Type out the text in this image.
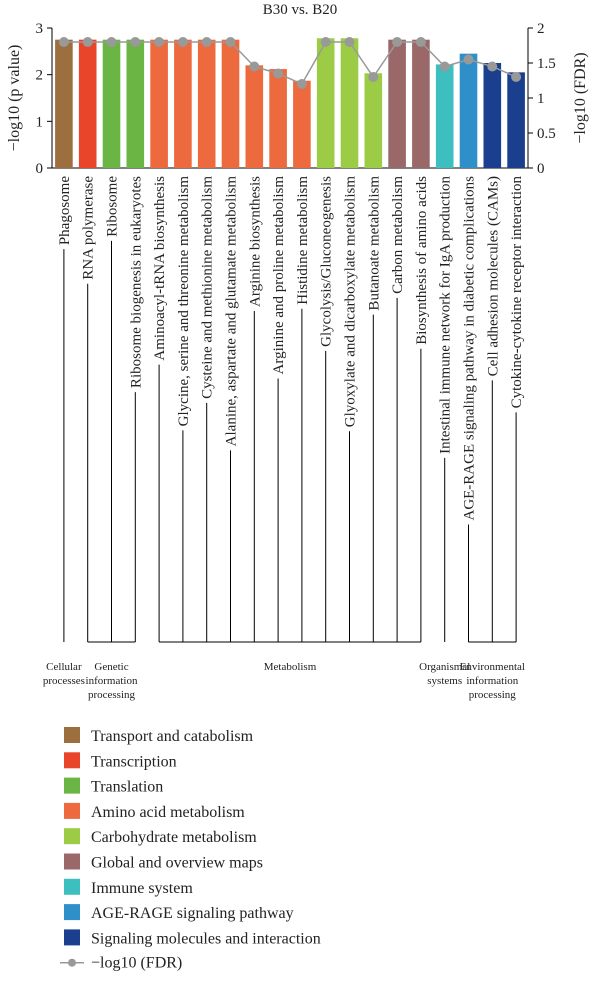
B30 vs. B20
0
1
2
3
0
0.5
1
1.5
2
−log10 (p value)	−log10 (FDR)
Phagosome RNA polymerase Ribosome Ribosome biogenesis in eukaryotes Aminoacyl-tRNA biosynthesis Glycine, serine and threonine metabolism Cysteine and methionine metabolism Alanine, aspartate and glutamate metabolism Arginine biosynthesis Arginine and proline metabolism Histidine metabolism Glycolysis/Gluconeogenesis Glyoxylate and dicarboxylate metabolism Butanoate metabolism Carbon metabolism Biosynthesis of amino acids Intestinal immune network for IgA production AGE-RAGE signaling pathway in diabetic complications Cell adhesion molecules (CAMs) Cytokine-cytokine receptor interaction
Cellular processes
Genetic information processing
Metabolism	Organismal systems
Environmental information processing
Transport and catabolism
Transcription
Translation
Amino acid metabolism
Carbohydrate metabolism
Global and overview maps
Immune system
AGE-RAGE signaling pathway
Signaling molecules and interaction
−log10 (FDR)
